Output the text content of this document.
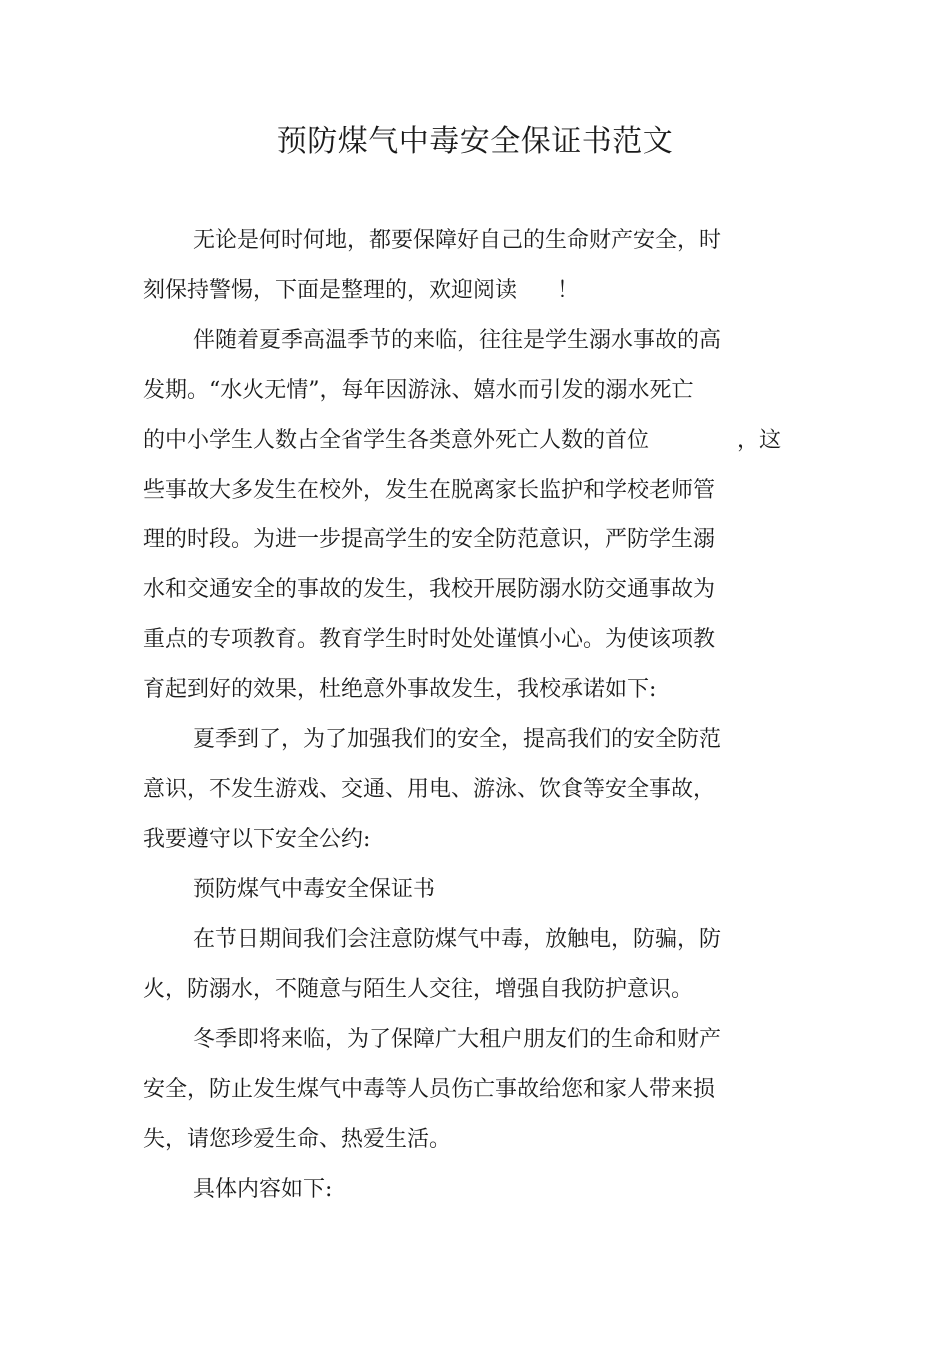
预防煤气中毒安全保证书范文
无论是何时何地，都要保障好自己的生命财产安全，时
刻保持警惕，下面是整理的，欢迎阅读 ！
伴随着夏季高温季节的来临，往往是学生溺水事故的高
发期。“水火无情”，每年因游泳、嬉水而引发的溺水死亡
的中小学生人数占全省学生各类意外死亡人数的首位	，这
些事故大多发生在校外，发生在脱离家长监护和学校老师管
理的时段。为进一步提高学生的安全防范意识，严防学生溺
水和交通安全的事故的发生，我校开展防溺水防交通事故为
重点的专项教育。教育学生时时处处谨慎小心。为使该项教
育起到好的效果，杜绝意外事故发生，我校承诺如下:
夏季到了，为了加强我们的安全，提高我们的安全防范
意识，不发生游戏、交通、用电、游泳、饮食等安全事故，
我要遵守以下安全公约:
预防煤气中毒安全保证书
在节日期间我们会注意防煤气中毒，放触电，防骗，防
火，防溺水，不随意与陌生人交往，增强自我防护意识。
冬季即将来临，为了保障广大租户朋友们的生命和财产
安全，防止发生煤气中毒等人员伤亡事故给您和家人带来损
失，请您珍爱生命、热爱生活。
具体内容如下:
